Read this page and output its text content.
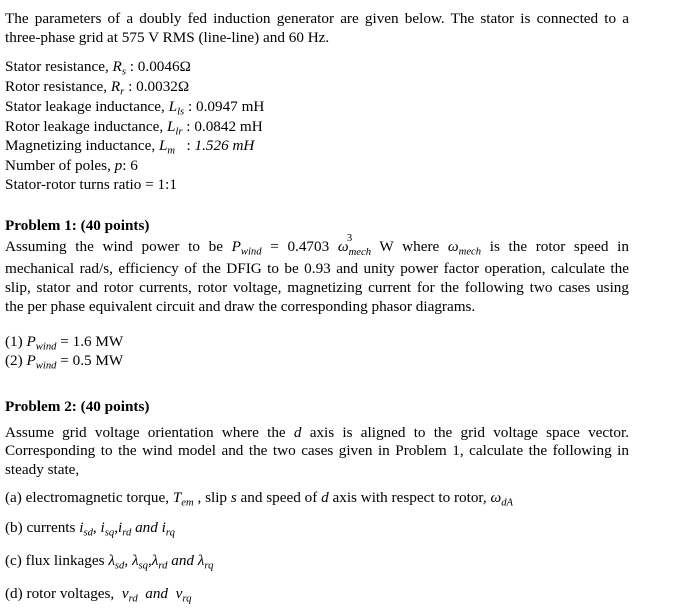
The parameters of a doubly fed induction generator are given below. The stator is connected to a
three-phase grid at 575 V RMS (line-line) and 60 Hz.
Stator resistance, $R_s$ : 0.0046Ω
Rotor resistance, $R_r$ : 0.0032Ω
Stator leakage inductance, $L_{ls}$ : 0.0947 mH
Rotor leakage inductance, $L_{lr}$ : 0.0842 mH
Magnetizing inductance, $L_m$   : 1.526 mH
Number of poles, p: 6
Stator-rotor turns ratio = 1:1
Problem 1: (40 points)
Assuming the wind power to be $P_{wind} = 0.4703$ ω
3
$_{mech}$ W where $\omega_{mech}$ is the rotor speed in
mechanical rad/s, efficiency of the DFIG to be 0.93 and unity power factor operation, calculate the
slip, stator and rotor currents, rotor voltage, magnetizing current for the following two cases using
the per phase equivalent circuit and draw the corresponding phasor diagrams.
(1) $P_{wind} = 1.6$ MW
(2) $P_{wind} = 0.5$ MW
Problem 2: (40 points)
Assume grid voltage orientation where the d axis is aligned to the grid voltage space vector.
Corresponding to the wind model and the two cases given in Problem 1, calculate the following in
steady state,
(a) electromagnetic torque, $T_{em}$ , slip s and speed of d axis with respect to rotor, $\omega_{dA}$
(b) currents $i_{sd}$, $i_{sq},i_{rd}$ and $i_{rq}$
(c) flux linkages $\lambda_{sd}$, $\lambda_{sq},\lambda_{rd}$ and $\lambda_{rq}$
(d) rotor voltages,  $v_{rd}$  and  $v_{rq}$
